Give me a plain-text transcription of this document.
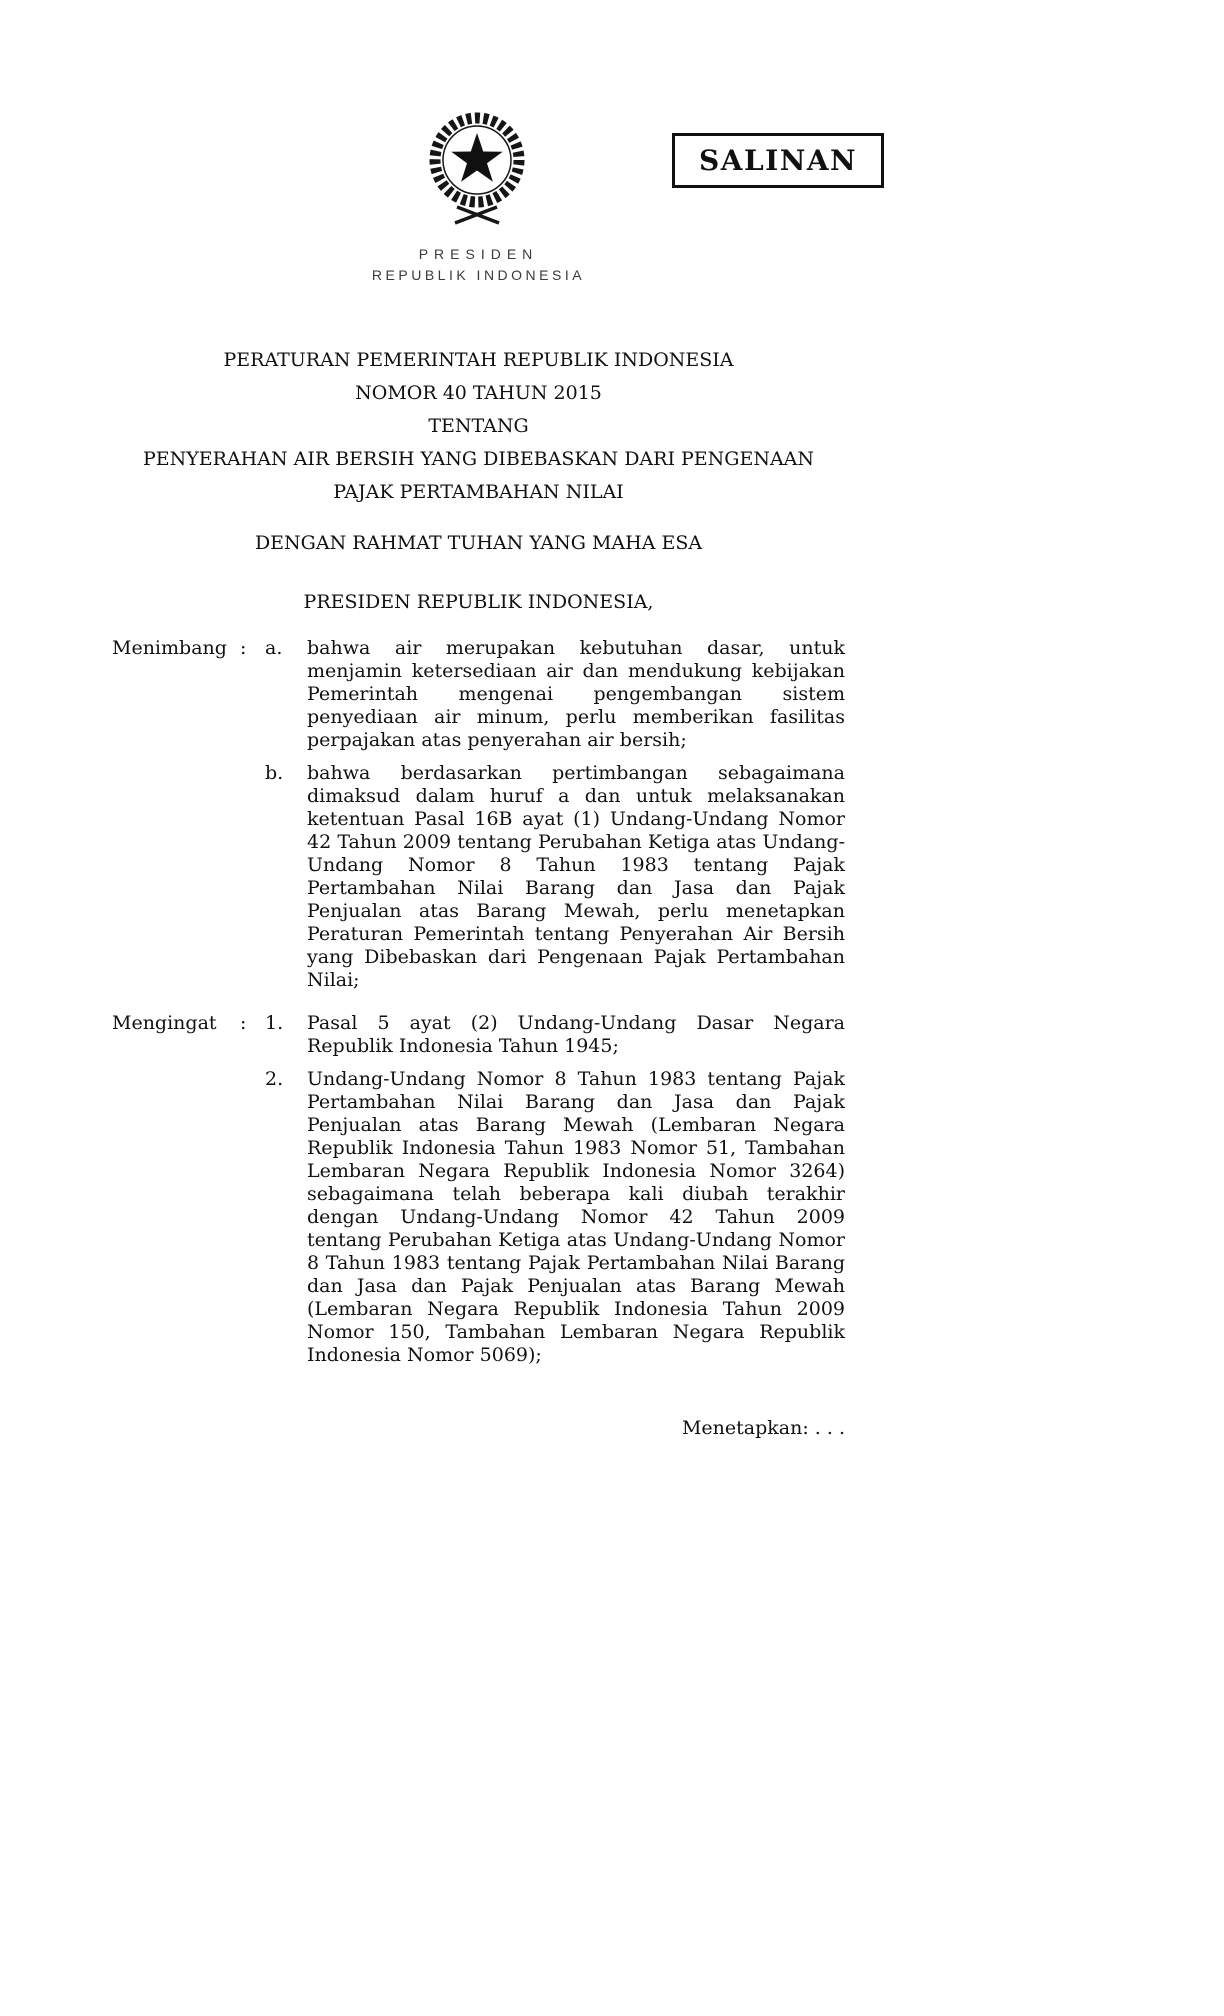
SALINAN
PRESIDEN
REPUBLIK INDONESIA
PERATURAN PEMERINTAH REPUBLIK INDONESIA
NOMOR 40 TAHUN 2015
TENTANG
PENYERAHAN AIR BERSIH YANG DIBEBASKAN DARI PENGENAAN
PAJAK PERTAMBAHAN NILAI
DENGAN RAHMAT TUHAN YANG MAHA ESA
PRESIDEN REPUBLIK INDONESIA,
Menimbang : a.	bahwa air merupakan kebutuhan dasar, untuk menjamin ketersediaan air dan mendukung kebijakan Pemerintah mengenai pengembangan sistem penyediaan air minum, perlu memberikan fasilitas perpajakan atas penyerahan air bersih;
b.	bahwa berdasarkan pertimbangan sebagaimana dimaksud dalam huruf a dan untuk melaksanakan ketentuan Pasal 16B ayat (1) Undang-Undang Nomor 42 Tahun 2009 tentang Perubahan Ketiga atas Undang-Undang Nomor 8 Tahun 1983 tentang Pajak Pertambahan Nilai Barang dan Jasa dan Pajak Penjualan atas Barang Mewah, perlu menetapkan Peraturan Pemerintah tentang Penyerahan Air Bersih yang Dibebaskan dari Pengenaan Pajak Pertambahan Nilai;
Mengingat	: 1.	Pasal 5 ayat (2) Undang-Undang Dasar Negara Republik Indonesia Tahun 1945;
2.	Undang-Undang Nomor 8 Tahun 1983 tentang Pajak Pertambahan Nilai Barang dan Jasa dan Pajak Penjualan atas Barang Mewah (Lembaran Negara Republik Indonesia Tahun 1983 Nomor 51, Tambahan Lembaran Negara Republik Indonesia Nomor 3264) sebagaimana telah beberapa kali diubah terakhir dengan Undang-Undang Nomor 42 Tahun 2009 tentang Perubahan Ketiga atas Undang-Undang Nomor 8 Tahun 1983 tentang Pajak Pertambahan Nilai Barang dan Jasa dan Pajak Penjualan atas Barang Mewah (Lembaran Negara Republik Indonesia Tahun 2009 Nomor 150, Tambahan Lembaran Negara Republik Indonesia Nomor 5069);
Menetapkan: . . .
